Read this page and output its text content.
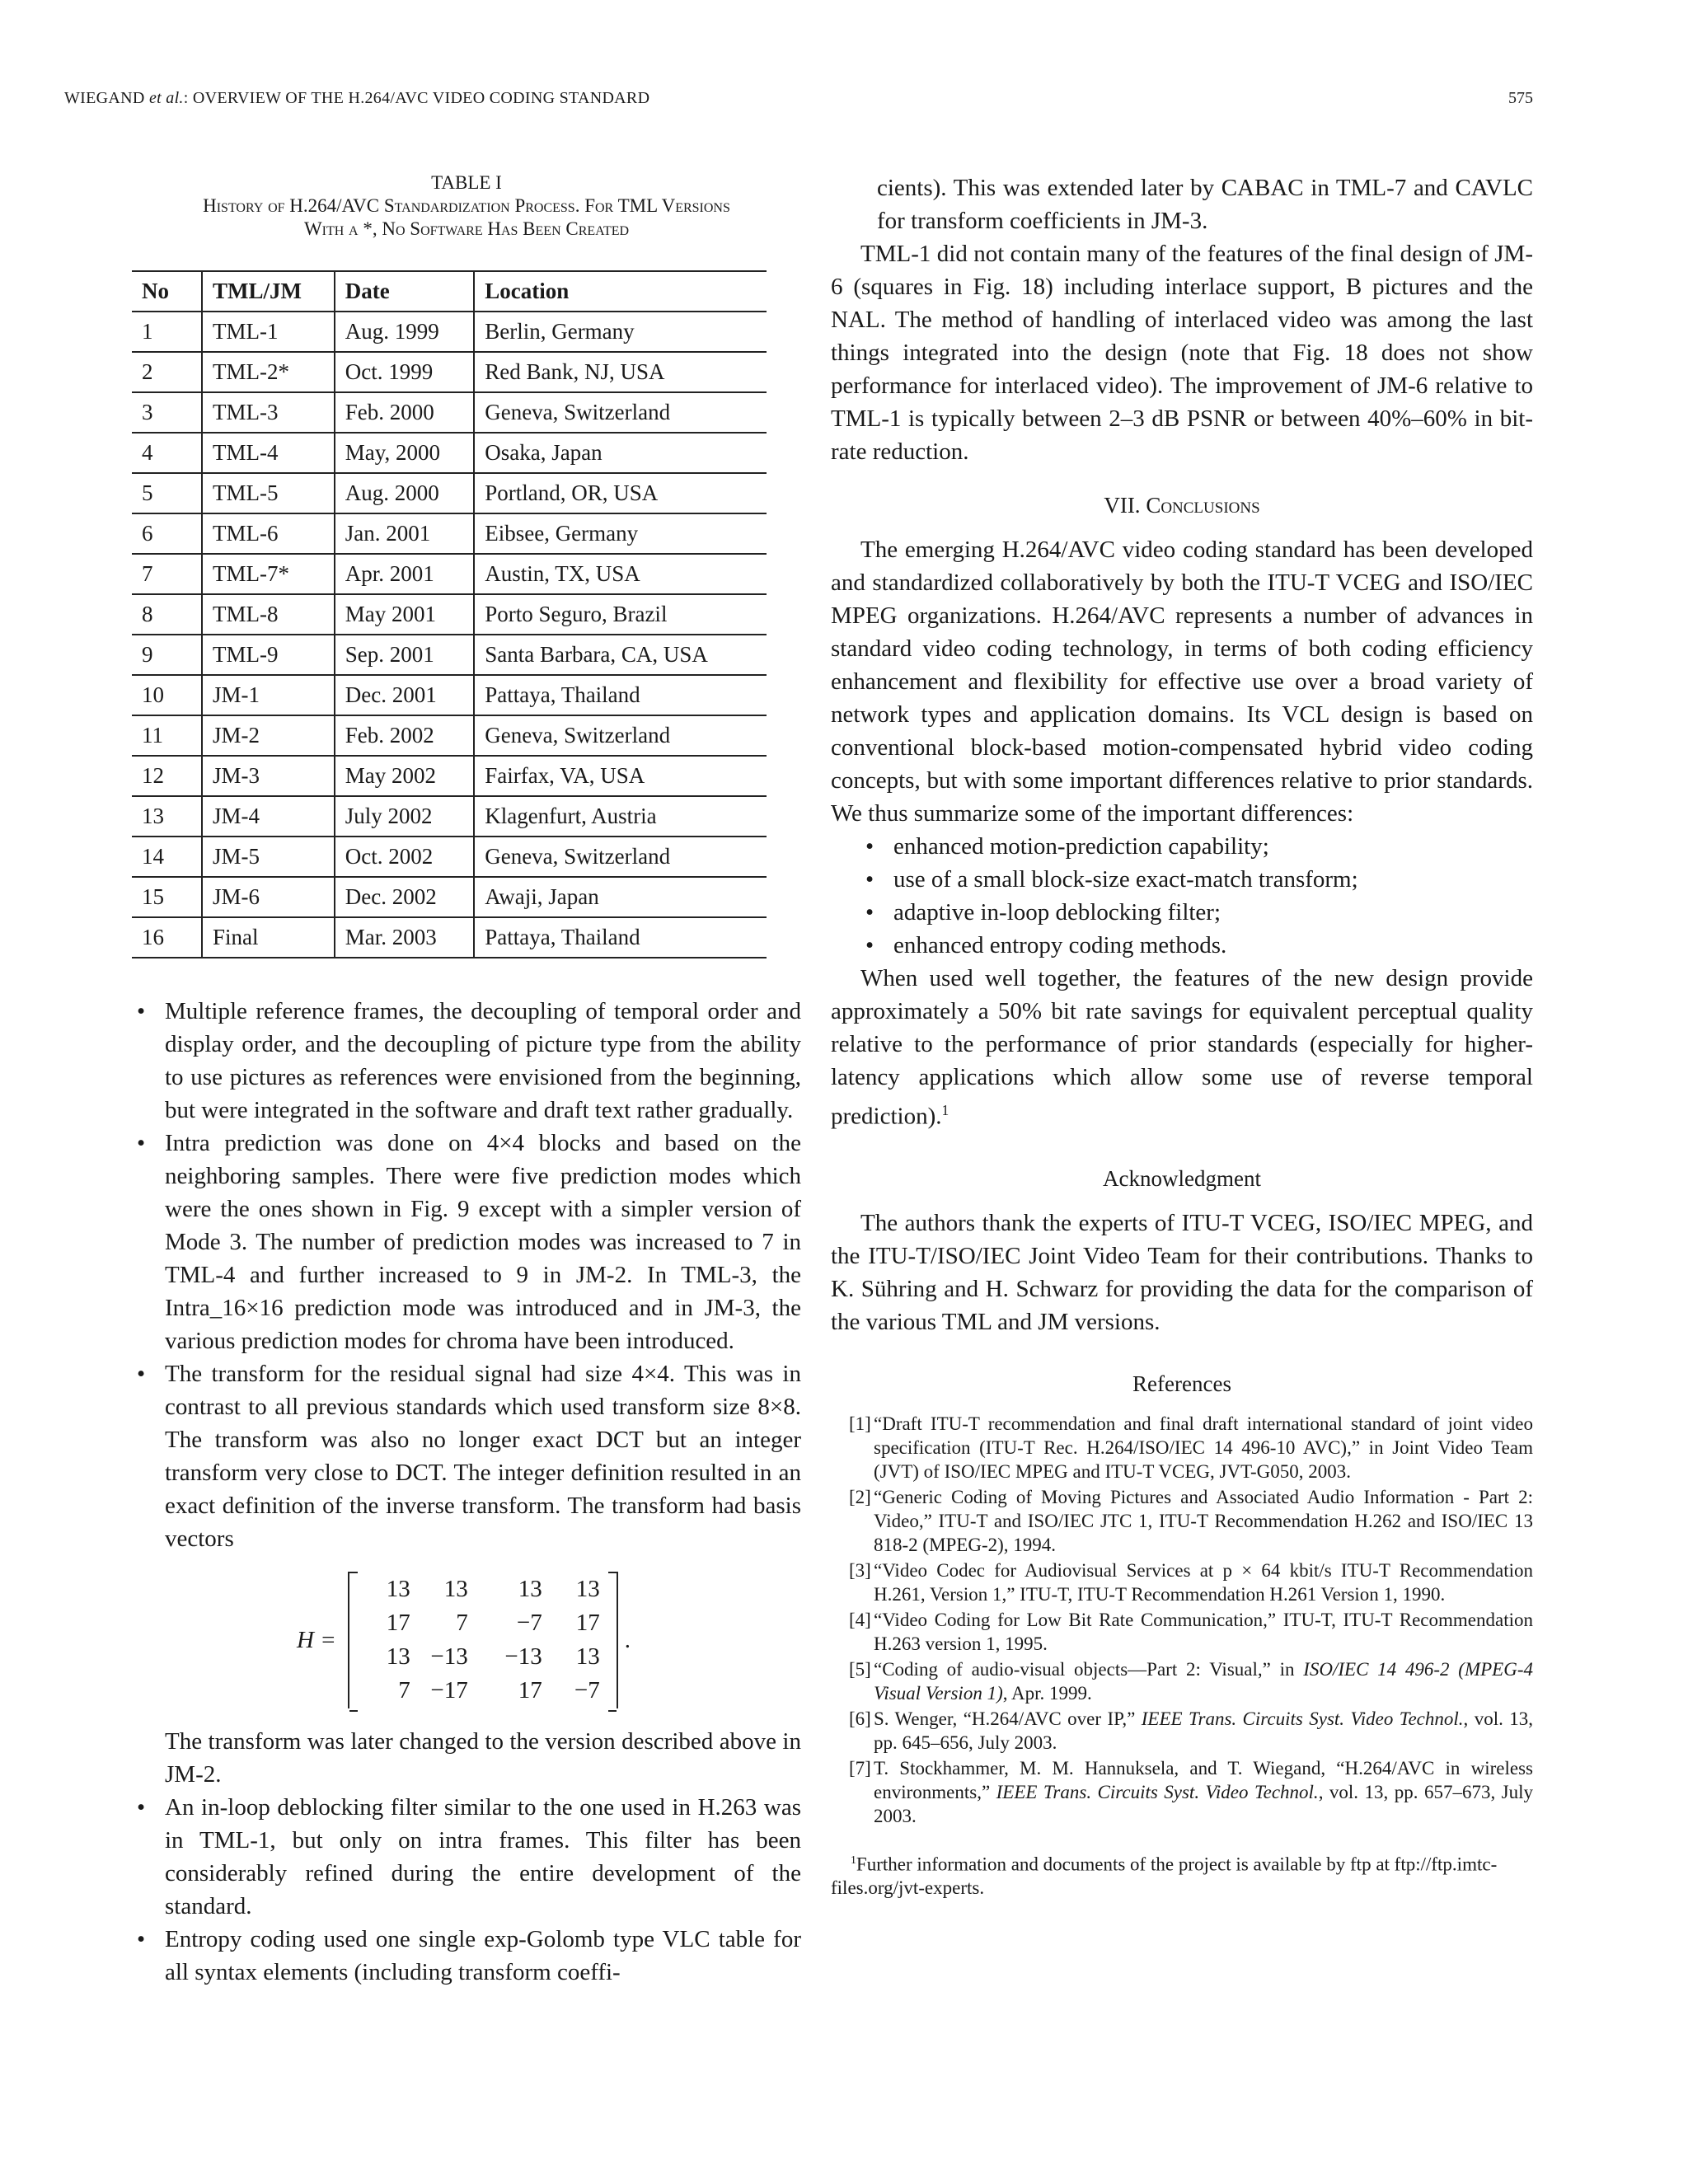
WIEGAND et al.: OVERVIEW OF THE H.264/AVC VIDEO CODING STANDARD	575
TABLE I
History of H.264/AVC Standardization Process. For TML Versions
With a *, No Software Has Been Created
No	TML/JM	Date	Location
1	TML-1	Aug. 1999	Berlin, Germany
2	TML-2*	Oct. 1999	Red Bank, NJ, USA
3	TML-3	Feb. 2000	Geneva, Switzerland
4	TML-4	May, 2000	Osaka, Japan
5	TML-5	Aug. 2000	Portland, OR, USA
6	TML-6	Jan. 2001	Eibsee, Germany
7	TML-7*	Apr. 2001	Austin, TX, USA
8	TML-8	May 2001	Porto Seguro, Brazil
9	TML-9	Sep. 2001	Santa Barbara, CA, USA
10	JM-1	Dec. 2001	Pattaya, Thailand
11	JM-2	Feb. 2002	Geneva, Switzerland
12	JM-3	May 2002	Fairfax, VA, USA
13	JM-4	July 2002	Klagenfurt, Austria
14	JM-5	Oct. 2002	Geneva, Switzerland
15	JM-6	Dec. 2002	Awaji, Japan
16	Final	Mar. 2003	Pattaya, Thailand
• Multiple reference frames, the decoupling of temporal order and display order, and the decoupling of picture type from the ability to use pictures as references were envisioned from the beginning, but were integrated in the software and draft text rather gradually.
• Intra prediction was done on 4×4 blocks and based on the neighboring samples. There were five prediction modes which were the ones shown in Fig. 9 except with a simpler version of Mode 3. The number of prediction modes was increased to 7 in TML-4 and further increased to 9 in JM-2. In TML-3, the Intra_16×16 prediction mode was introduced and in JM-3, the various prediction modes for chroma have been introduced.
• The transform for the residual signal had size 4×4. This was in contrast to all previous standards which used transform size 8×8. The transform was also no longer exact DCT but an integer transform very close to DCT. The integer definition resulted in an exact definition of the inverse transform. The transform had basis vectors
H =
13	13	13	13
17	7	−7	17
13 −13	−13	13
7 −17	17	−7
.
The transform was later changed to the version described above in JM-2.
• An in-loop deblocking filter similar to the one used in H.263 was in TML-1, but only on intra frames. This filter has been considerably refined during the entire development of the standard.
• Entropy coding used one single exp-Golomb type VLC table for all syntax elements (including transform coeffi-
cients). This was extended later by CABAC in TML-7 and CAVLC for transform coefficients in JM-3.
TML-1 did not contain many of the features of the final design of JM-6 (squares in Fig. 18) including interlace support, B pictures and the NAL. The method of handling of interlaced video was among the last things integrated into the design (note that Fig. 18 does not show performance for interlaced video). The improvement of JM-6 relative to TML-1 is typically between 2–3 dB PSNR or between 40%–60% in bit-rate reduction.
VII. Conclusions
The emerging H.264/AVC video coding standard has been developed and standardized collaboratively by both the ITU-T VCEG and ISO/IEC MPEG organizations. H.264/AVC represents a number of advances in standard video coding technology, in terms of both coding efficiency enhancement and flexibility for effective use over a broad variety of network types and application domains. Its VCL design is based on conventional block-based motion-compensated hybrid video coding concepts, but with some important differences relative to prior standards. We thus summarize some of the important differences:
• enhanced motion-prediction capability;
• use of a small block-size exact-match transform;
• adaptive in-loop deblocking filter;
• enhanced entropy coding methods.
When used well together, the features of the new design provide approximately a 50% bit rate savings for equivalent perceptual quality relative to the performance of prior standards (especially for higher-latency applications which allow some use of reverse temporal prediction).$^1$
Acknowledgment
The authors thank the experts of ITU-T VCEG, ISO/IEC MPEG, and the ITU-T/ISO/IEC Joint Video Team for their contributions. Thanks to K. Sühring and H. Schwarz for providing the data for the comparison of the various TML and JM versions.
References
[1] “Draft ITU-T recommendation and final draft international standard of joint video specification (ITU-T Rec. H.264/ISO/IEC 14 496-10 AVC),” in Joint Video Team (JVT) of ISO/IEC MPEG and ITU-T VCEG, JVT-G050, 2003.
[2] “Generic Coding of Moving Pictures and Associated Audio Information - Part 2: Video,” ITU-T and ISO/IEC JTC 1, ITU-T Recommendation H.262 and ISO/IEC 13 818-2 (MPEG-2), 1994.
[3] “Video Codec for Audiovisual Services at p × 64 kbit/s ITU-T Recommendation H.261, Version 1,” ITU-T, ITU-T Recommendation H.261 Version 1, 1990.
[4] “Video Coding for Low Bit Rate Communication,” ITU-T, ITU-T Recommendation H.263 version 1, 1995.
[5] “Coding of audio-visual objects—Part 2: Visual,” in ISO/IEC 14 496-2 (MPEG-4 Visual Version 1), Apr. 1999.
[6] S. Wenger, “H.264/AVC over IP,” IEEE Trans. Circuits Syst. Video Technol., vol. 13, pp. 645–656, July 2003.
[7] T. Stockhammer, M. M. Hannuksela, and T. Wiegand, “H.264/AVC in wireless environments,” IEEE Trans. Circuits Syst. Video Technol., vol. 13, pp. 657–673, July 2003.
$^1$Further information and documents of the project is available by ftp at ftp://ftp.imtc-files.org/jvt-experts.
